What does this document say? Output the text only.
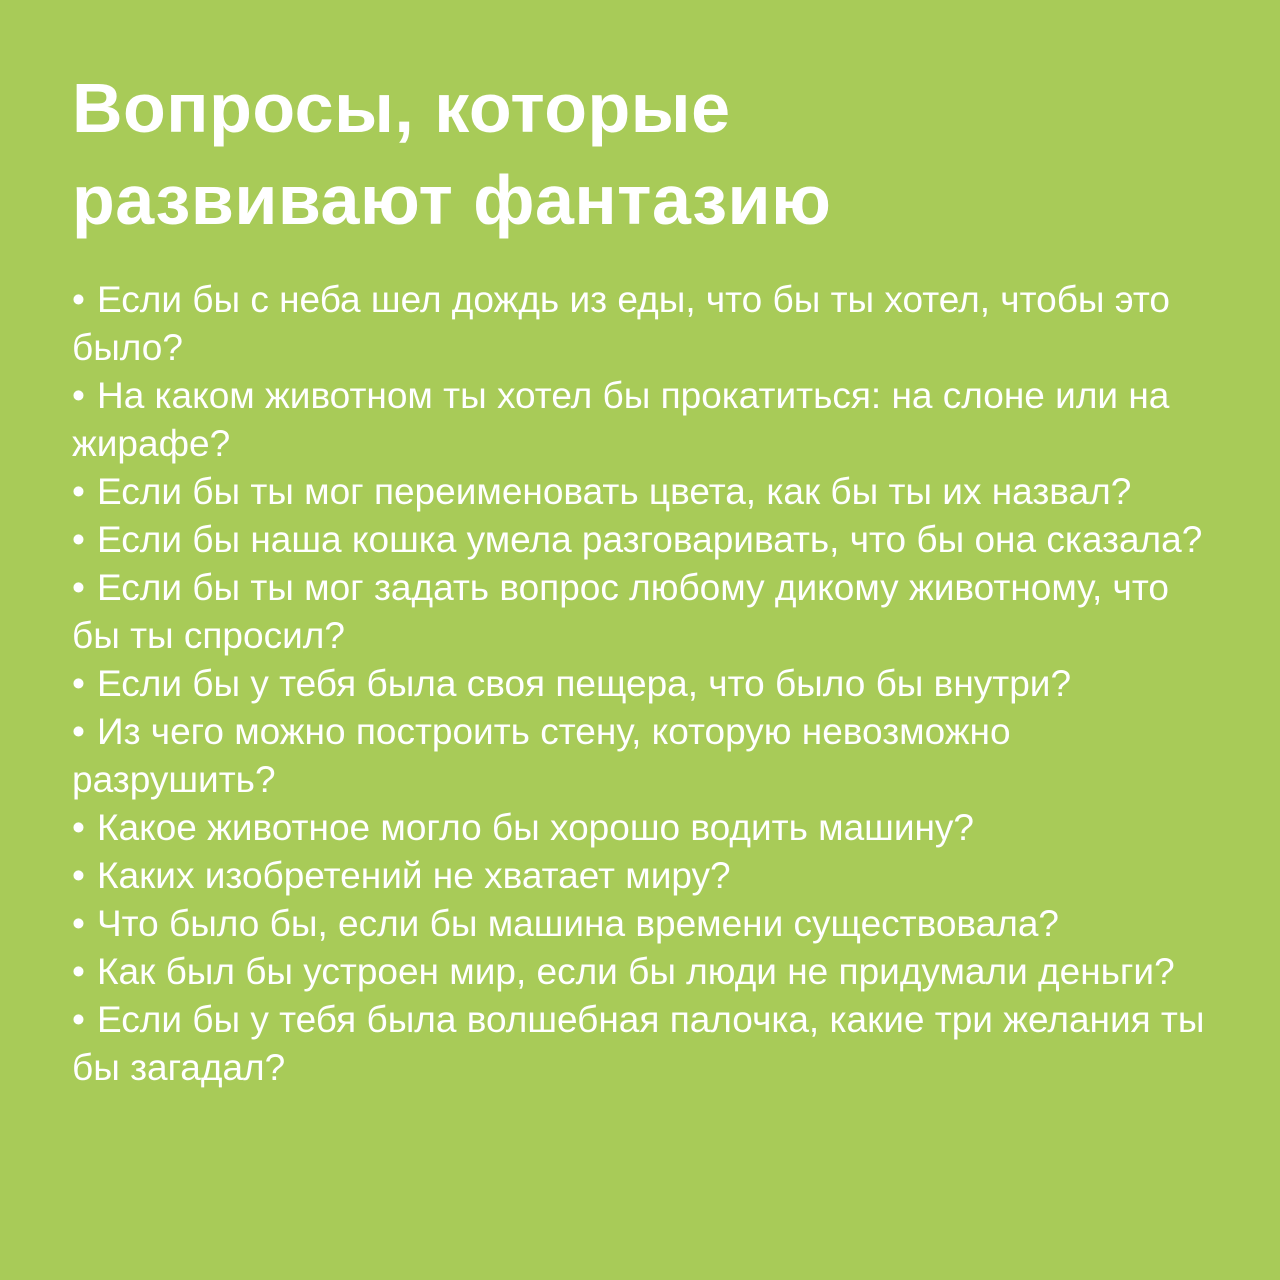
Вопросы, которые развивают фантазию

• Если бы с неба шел дождь из еды, что бы ты хотел, чтобы это было?

• На каком животном ты хотел бы прокатиться: на слоне или на жирафе?

• Если бы ты мог переименовать цвета, как бы ты их назвал?

• Если бы наша кошка умела разговаривать, что бы она сказала?

• Если бы ты мог задать вопрос любому дикому животному, что бы ты спросил?

• Если бы у тебя была своя пещера, что было бы внутри?

• Из чего можно построить стену, которую невозможно разрушить?

• Какое животное могло бы хорошо водить машину?

• Каких изобретений не хватает миру?

• Что было бы, если бы машина времени существовала?

• Как был бы устроен мир, если бы люди не придумали деньги?

• Если бы у тебя была волшебная палочка, какие три желания ты бы загадал?
